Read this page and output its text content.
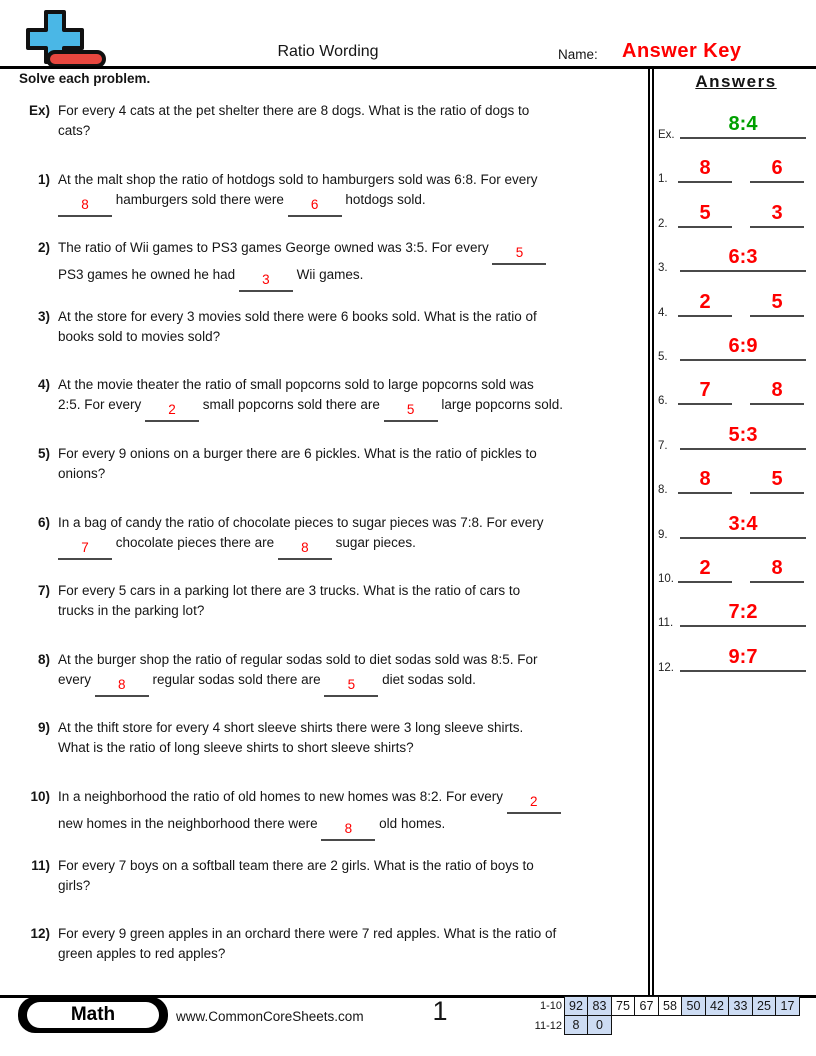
Ratio Wording	Name: Answer Key
Solve each problem.
Ex) For every 4 cats at the pet shelter there are 8 dogs. What is the ratio of dogs to
cats?
1) At the malt shop the ratio of hotdogs sold to hamburgers sold was 6:8. For every
8 hamburgers sold there were 6 hotdogs sold.
2) The ratio of Wii games to PS3 games George owned was 3:5. For every 5
PS3 games he owned he had 3 Wii games.
3) At the store for every 3 movies sold there were 6 books sold. What is the ratio of
books sold to movies sold?
4) At the movie theater the ratio of small popcorns sold to large popcorns sold was
2:5. For every 2 small popcorns sold there are 5 large popcorns sold.
5) For every 9 onions on a burger there are 6 pickles. What is the ratio of pickles to
onions?
6) In a bag of candy the ratio of chocolate pieces to sugar pieces was 7:8. For every
7 chocolate pieces there are 8 sugar pieces.
7) For every 5 cars in a parking lot there are 3 trucks. What is the ratio of cars to
trucks in the parking lot?
8) At the burger shop the ratio of regular sodas sold to diet sodas sold was 8:5. For
every 8 regular sodas sold there are 5 diet sodas sold.
9) At the thift store for every 4 short sleeve shirts there were 3 long sleeve shirts.
What is the ratio of long sleeve shirts to short sleeve shirts?
10) In a neighborhood the ratio of old homes to new homes was 8:2. For every 2
new homes in the neighborhood there were 8 old homes.
11) For every 7 boys on a softball team there are 2 girls. What is the ratio of boys to
girls?
12) For every 9 green apples in an orchard there were 7 red apples. What is the ratio of
green apples to red apples?
Answers
Ex.	8:4
1.	8	6
2.	5	3
3.	6:3
4.	2	5
5.	6:9
6.	7	8
7.	5:3
8.	8	5
9.	3:4
10.	2	8
11.	7:2
12.	9:7
Math	www.CommonCoreSheets.com	1	1-10 92 83 75 67 58 50 42 33 25 17
11-12 8	0
